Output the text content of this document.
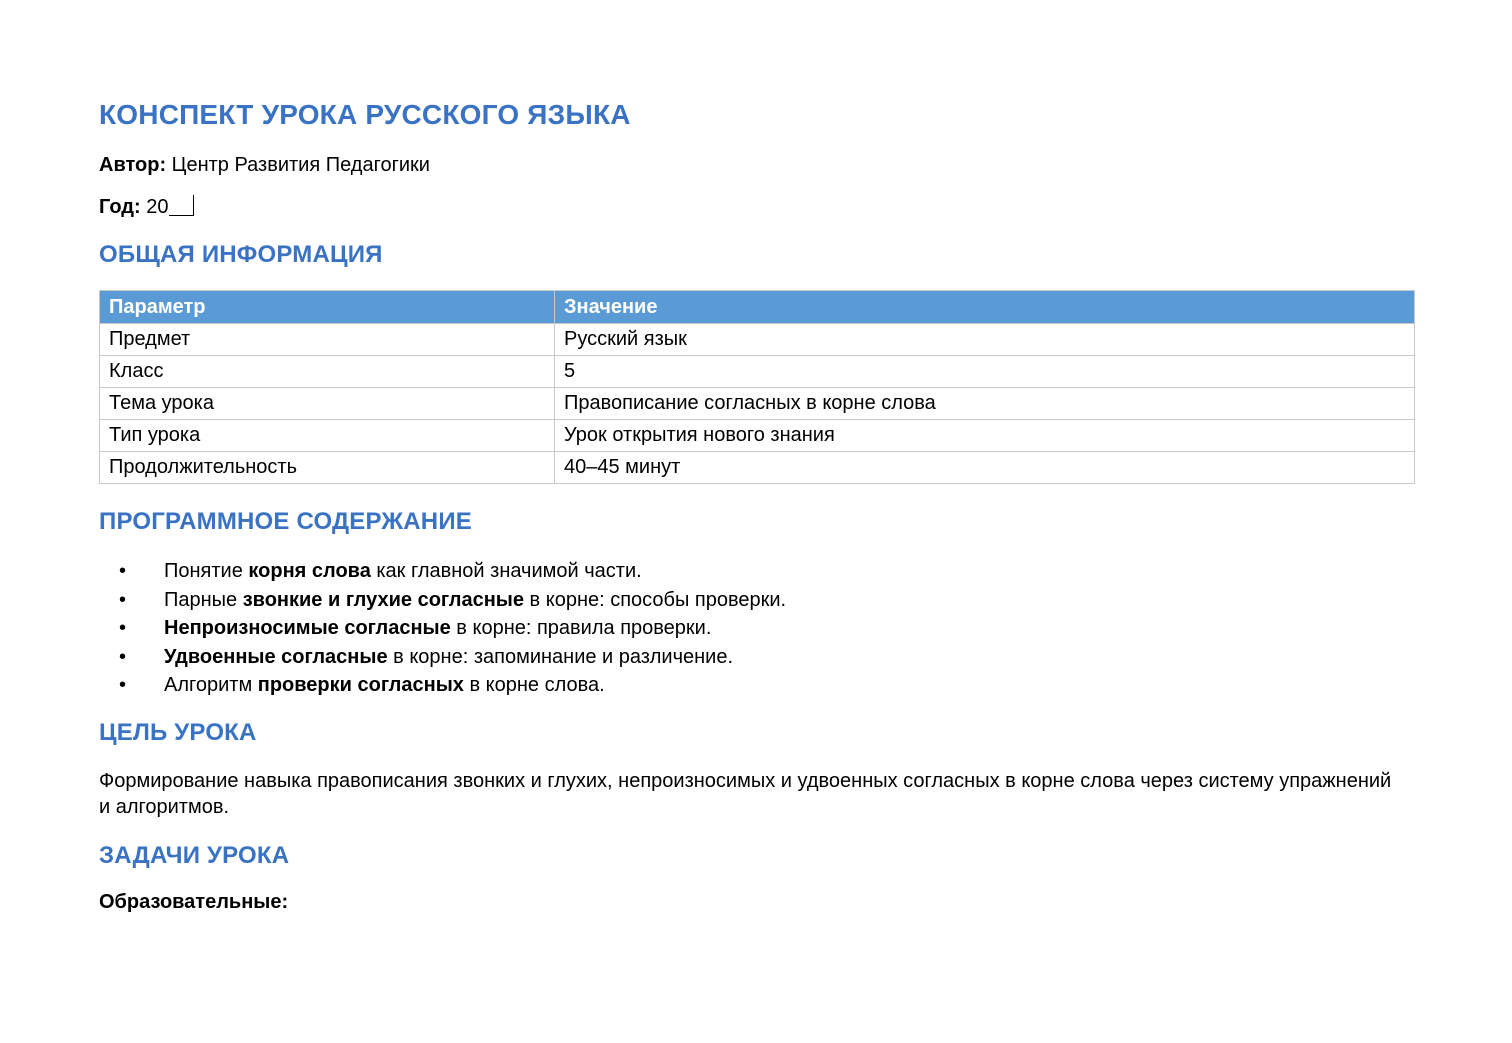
КОНСПЕКТ УРОКА РУССКОГО ЯЗЫКА
Автор: Центр Развития Педагогики
Год: 20
ОБЩАЯ ИНФОРМАЦИЯ
Параметр	Значение
Предмет	Русский язык
Класс	5
Тема урока	Правописание согласных в корне слова
Тип урока	Урок открытия нового знания
Продолжительность	40–45 минут
ПРОГРАММНОЕ СОДЕРЖАНИЕ
• Понятие корня слова как главной значимой части.
• Парные звонкие и глухие согласные в корне: способы проверки.
• Непроизносимые согласные в корне: правила проверки.
• Удвоенные согласные в корне: запоминание и различение.
• Алгоритм проверки согласных в корне слова.
ЦЕЛЬ УРОКА
Формирование навыка правописания звонких и глухих, непроизносимых и удвоенных согласных в корне слова через систему упражнений и алгоритмов.
ЗАДАЧИ УРОКА
Образовательные:
